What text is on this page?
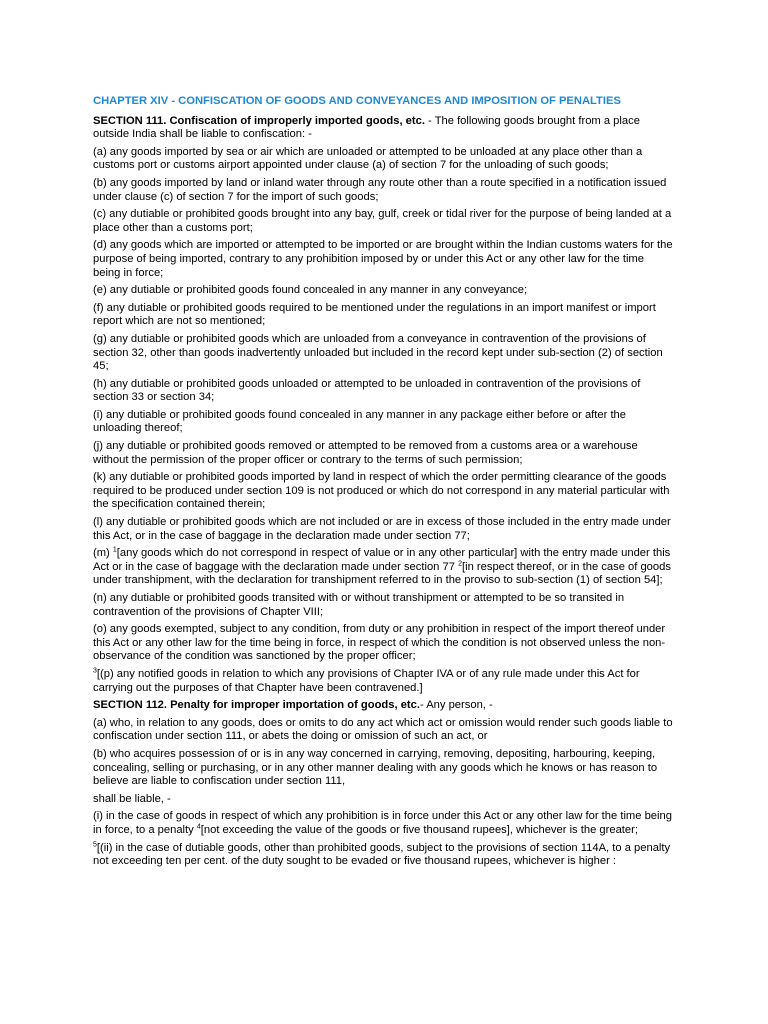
CHAPTER XIV - CONFISCATION OF GOODS AND CONVEYANCES AND IMPOSITION OF PENALTIES

SECTION 111. Confiscation of improperly imported goods, etc. - The following goods brought from a place outside India shall be liable to confiscation: -

(a) any goods imported by sea or air which are unloaded or attempted to be unloaded at any place other than a customs port or customs airport appointed under clause (a) of section 7 for the unloading of such goods;

(b) any goods imported by land or inland water through any route other than a route specified in a notification issued under clause (c) of section 7 for the import of such goods;

(c) any dutiable or prohibited goods brought into any bay, gulf, creek or tidal river for the purpose of being landed at a place other than a customs port;

(d) any goods which are imported or attempted to be imported or are brought within the Indian customs waters for the purpose of being imported, contrary to any prohibition imposed by or under this Act or any other law for the time being in force;

(e) any dutiable or prohibited goods found concealed in any manner in any conveyance;

(f) any dutiable or prohibited goods required to be mentioned under the regulations in an import manifest or import report which are not so mentioned;

(g) any dutiable or prohibited goods which are unloaded from a conveyance in contravention of the provisions of section 32, other than goods inadvertently unloaded but included in the record kept under sub-section (2) of section 45;

(h) any dutiable or prohibited goods unloaded or attempted to be unloaded in contravention of the provisions of section 33 or section 34;

(i) any dutiable or prohibited goods found concealed in any manner in any package either before or after the unloading thereof;

(j) any dutiable or prohibited goods removed or attempted to be removed from a customs area or a warehouse without the permission of the proper officer or contrary to the terms of such permission;

(k) any dutiable or prohibited goods imported by land in respect of which the order permitting clearance of the goods required to be produced under section 109 is not produced or which do not correspond in any material particular with the specification contained therein;

(l) any dutiable or prohibited goods which are not included or are in excess of those included in the entry made under this Act, or in the case of baggage in the declaration made under section 77;

(m) $^1$[any goods which do not correspond in respect of value or in any other particular] with the entry made under this Act or in the case of baggage with the declaration made under section 77 $^2$[in respect thereof, or in the case of goods under transhipment, with the declaration for transhipment referred to in the proviso to sub-section (1) of section 54];

(n) any dutiable or prohibited goods transited with or without transhipment or attempted to be so transited in contravention of the provisions of Chapter VIII;

(o) any goods exempted, subject to any condition, from duty or any prohibition in respect of the import thereof under this Act or any other law for the time being in force, in respect of which the condition is not observed unless the non-observance of the condition was sanctioned by the proper officer;

$^3$[(p) any notified goods in relation to which any provisions of Chapter IVA or of any rule made under this Act for carrying out the purposes of that Chapter have been contravened.]

SECTION 112. Penalty for improper importation of goods, etc.- Any person, -

(a) who, in relation to any goods, does or omits to do any act which act or omission would render such goods liable to confiscation under section 111, or abets the doing or omission of such an act, or

(b) who acquires possession of or is in any way concerned in carrying, removing, depositing, harbouring, keeping, concealing, selling or purchasing, or in any other manner dealing with any goods which he knows or has reason to believe are liable to confiscation under section 111,

shall be liable, -

(i) in the case of goods in respect of which any prohibition is in force under this Act or any other law for the time being in force, to a penalty $^4$[not exceeding the value of the goods or five thousand rupees], whichever is the greater;

$^5$[(ii) in the case of dutiable goods, other than prohibited goods, subject to the provisions of section 114A, to a penalty not exceeding ten per cent. of the duty sought to be evaded or five thousand rupees, whichever is higher :
